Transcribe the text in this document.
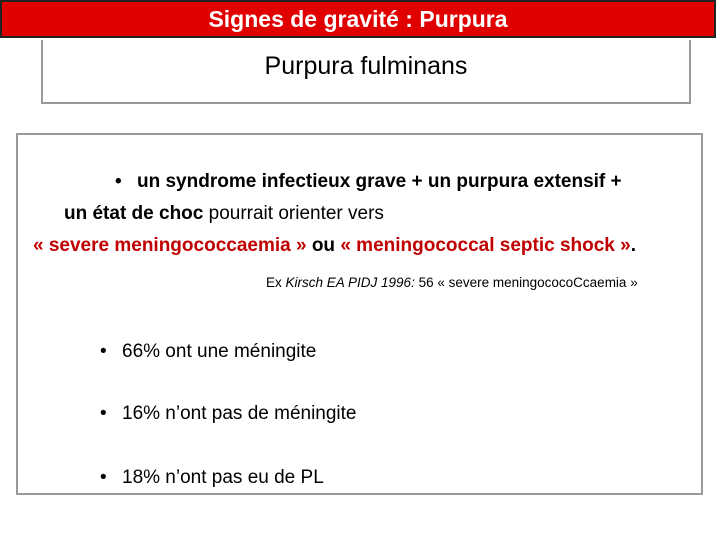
Signes de gravité : Purpura
Purpura fulminans
• un syndrome infectieux grave + un purpura extensif +
un état de choc pourrait orienter vers
« severe meningococcaemia » ou « meningococcal septic shock ».
Ex Kirsch EA PIDJ 1996: 56 « severe meningococoCcaemia »
• 66% ont une méningite
• 16% n’ont pas de méningite
• 18% n’ont pas eu de PL
